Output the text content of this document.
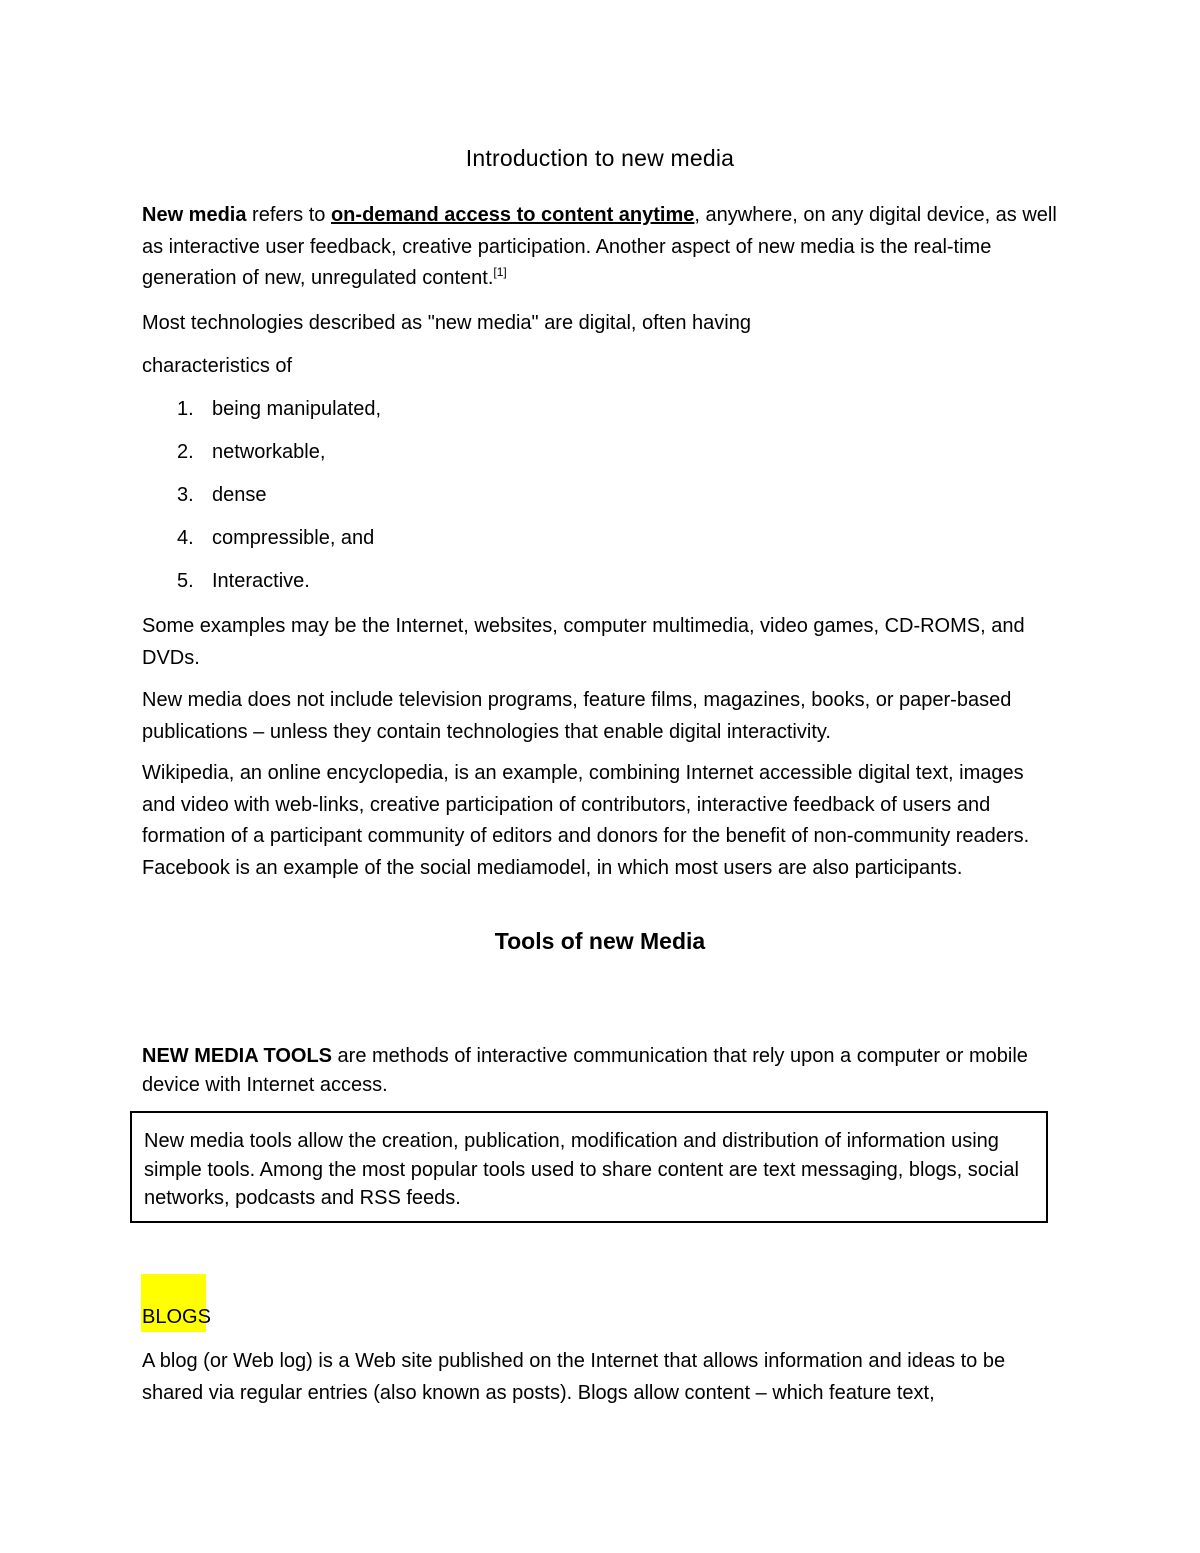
Introduction to new media

New media refers to on-demand access to content anytime, anywhere, on any digital device, as well as interactive user feedback, creative participation. Another aspect of new media is the real-time generation of new, unregulated content.[1]

Most technologies described as "new media" are digital, often having

characteristics of

1. being manipulated,
2. networkable,
3. dense
4. compressible, and
5. Interactive.

Some examples may be the Internet, websites, computer multimedia, video games, CD-ROMS, and DVDs.

New media does not include television programs, feature films, magazines, books, or paper-based publications – unless they contain technologies that enable digital interactivity.

Wikipedia, an online encyclopedia, is an example, combining Internet accessible digital text, images and video with web-links, creative participation of contributors, interactive feedback of users and formation of a participant community of editors and donors for the benefit of non-community readers. Facebook is an example of the social mediamodel, in which most users are also participants.

Tools of new Media

NEW MEDIA TOOLS are methods of interactive communication that rely upon a computer or mobile device with Internet access.

New media tools allow the creation, publication, modification and distribution of information using simple tools. Among the most popular tools used to share content are text messaging, blogs, social networks, podcasts and RSS feeds.

BLOGS

A blog (or Web log) is a Web site published on the Internet that allows information and ideas to be shared via regular entries (also known as posts). Blogs allow content – which feature text,
